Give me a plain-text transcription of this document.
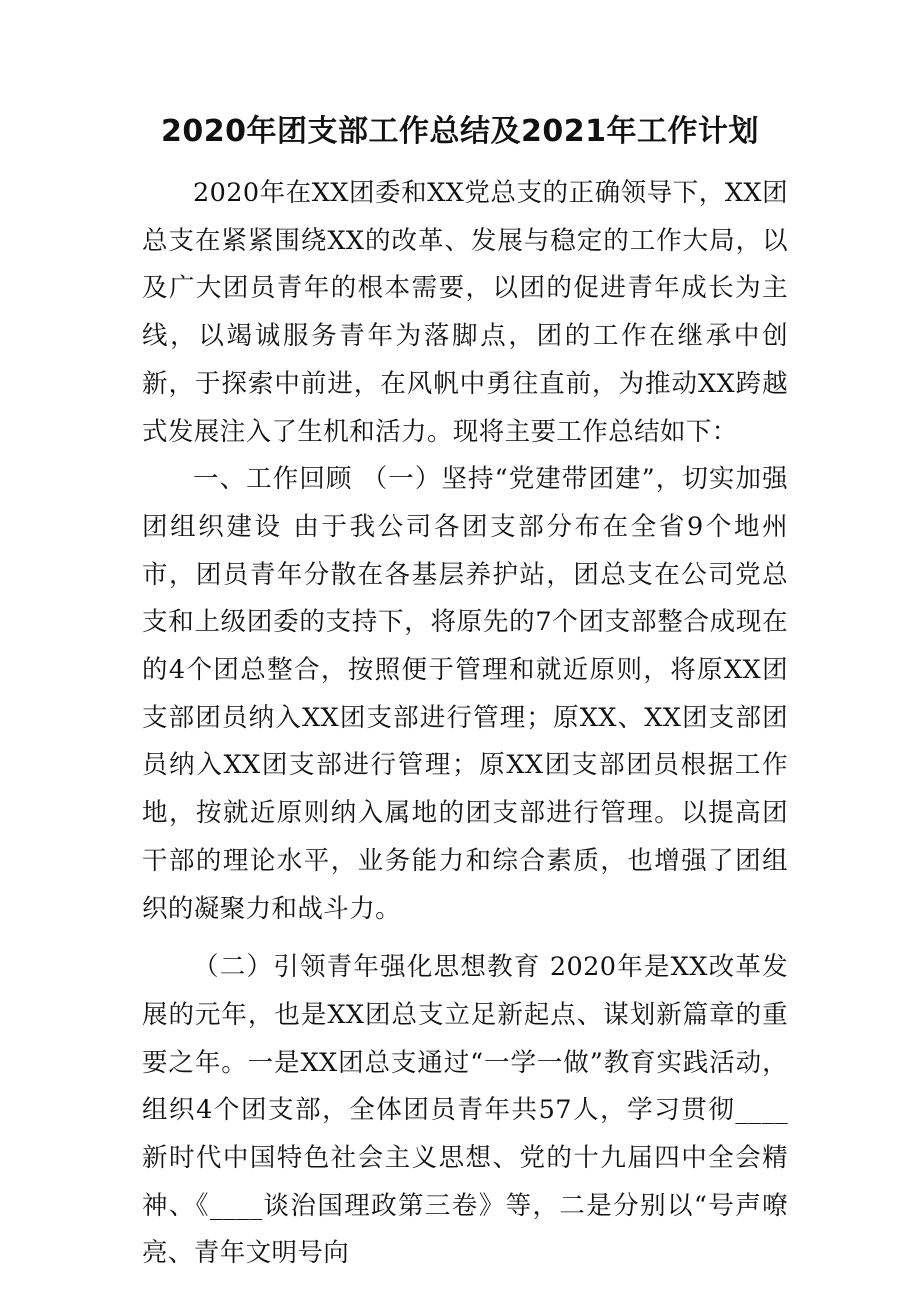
2020年团支部工作总结及2021年工作计划

2020年在XX团委和XX党总支的正确领导下，XX团总支在紧紧围绕XX的改革、发展与稳定的工作大局，以及广大团员青年的根本需要，以团的促进青年成长为主线，以竭诚服务青年为落脚点，团的工作在继承中创新，于探索中前进，在风帆中勇往直前，为推动XX跨越式发展注入了生机和活力。现将主要工作总结如下：

一、工作回顾 （一）坚持“党建带团建”，切实加强团组织建设 由于我公司各团支部分布在全省9个地州市，团员青年分散在各基层养护站，团总支在公司党总支和上级团委的支持下，将原先的7个团支部整合成现在的4个团总整合，按照便于管理和就近原则，将原XX团支部团员纳入XX团支部进行管理；原XX、XX团支部团员纳入XX团支部进行管理；原XX团支部团员根据工作地，按就近原则纳入属地的团支部进行管理。以提高团干部的理论水平，业务能力和综合素质，也增强了团组织的凝聚力和战斗力。

（二）引领青年强化思想教育 2020年是XX改革发展的元年，也是XX团总支立足新起点、谋划新篇章的重要之年。一是XX团总支通过“一学一做”教育实践活动，组织4个团支部，全体团员青年共57人，学习贯彻____新时代中国特色社会主义思想、党的十九届四中全会精神、《____谈治国理政第三卷》等，二是分别以“号声嘹亮、青年文明号向
